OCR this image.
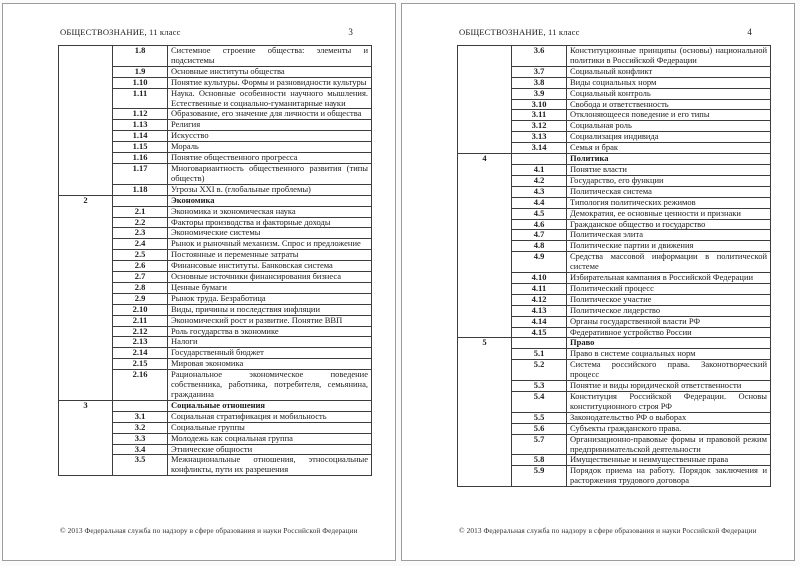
ОБЩЕСТВОЗНАНИЕ, 11 класс	3
	1.8	Системное строение общества: элементы и подсистемы
	1.9	Основные институты общества
	1.10	Понятие культуры. Формы и разновидности культуры
	1.11	Наука. Основные особенности научного мышления. Естественные и социально-гуманитарные науки
	1.12	Образование, его значение для личности и общества
	1.13	Религия
	1.14	Искусство
	1.15	Мораль
	1.16	Понятие общественного прогресса
	1.17	Многовариантность общественного развития (типы обществ)
	1.18	Угрозы XXI в. (глобальные проблемы)
2		Экономика
	2.1	Экономика и экономическая наука
	2.2	Факторы производства и факторные доходы
	2.3	Экономические системы
	2.4	Рынок и рыночный механизм. Спрос и предложение
	2.5	Постоянные и переменные затраты
	2.6	Финансовые институты. Банковская система
	2.7	Основные источники финансирования бизнеса
	2.8	Ценные бумаги
	2.9	Рынок труда. Безработица
	2.10	Виды, причины и последствия инфляции
	2.11	Экономический рост и развитие. Понятие ВВП
	2.12	Роль государства в экономике
	2.13	Налоги
	2.14	Государственный бюджет
	2.15	Мировая экономика
	2.16	Рациональное экономическое поведение собственника, работника, потребителя, семьянина, гражданина
3		Социальные отношения
	3.1	Социальная стратификация и мобильность
	3.2	Социальные группы
	3.3	Молодежь как социальная группа
	3.4	Этнические общности
	3.5	Межнациональные отношения, этносоциальные конфликты, пути их разрешения
© 2013 Федеральная служба по надзору в сфере образования и науки Российской Федерации
ОБЩЕСТВОЗНАНИЕ, 11 класс	4
	3.6	Конституционные принципы (основы) национальной политики в Российской Федерации
	3.7	Социальный конфликт
	3.8	Виды социальных норм
	3.9	Социальный контроль
	3.10	Свобода и ответственность
	3.11	Отклоняющееся поведение и его типы
	3.12	Социальная роль
	3.13	Социализация индивида
	3.14	Семья и брак
4		Политика
	4.1	Понятие власти
	4.2	Государство, его функции
	4.3	Политическая система
	4.4	Типология политических режимов
	4.5	Демократия, ее основные ценности и признаки
	4.6	Гражданское общество и государство
	4.7	Политическая элита
	4.8	Политические партии и движения
	4.9	Средства массовой информации в политической системе
	4.10	Избирательная кампания в Российской Федерации
	4.11	Политический процесс
	4.12	Политическое участие
	4.13	Политическое лидерство
	4.14	Органы государственной власти РФ
	4.15	Федеративное устройство России
5		Право
	5.1	Право в системе социальных норм
	5.2	Система российского права. Законотворческий процесс
	5.3	Понятие и виды юридической ответственности
	5.4	Конституция Российской Федерации. Основы конституционного строя РФ
	5.5	Законодательство РФ о выборах
	5.6	Субъекты гражданского права.
	5.7	Организационно-правовые формы и правовой режим предпринимательской деятельности
	5.8	Имущественные и неимущественные права
	5.9	Порядок приема на работу. Порядок заключения и расторжения трудового договора
© 2013 Федеральная служба по надзору в сфере образования и науки Российской Федерации
